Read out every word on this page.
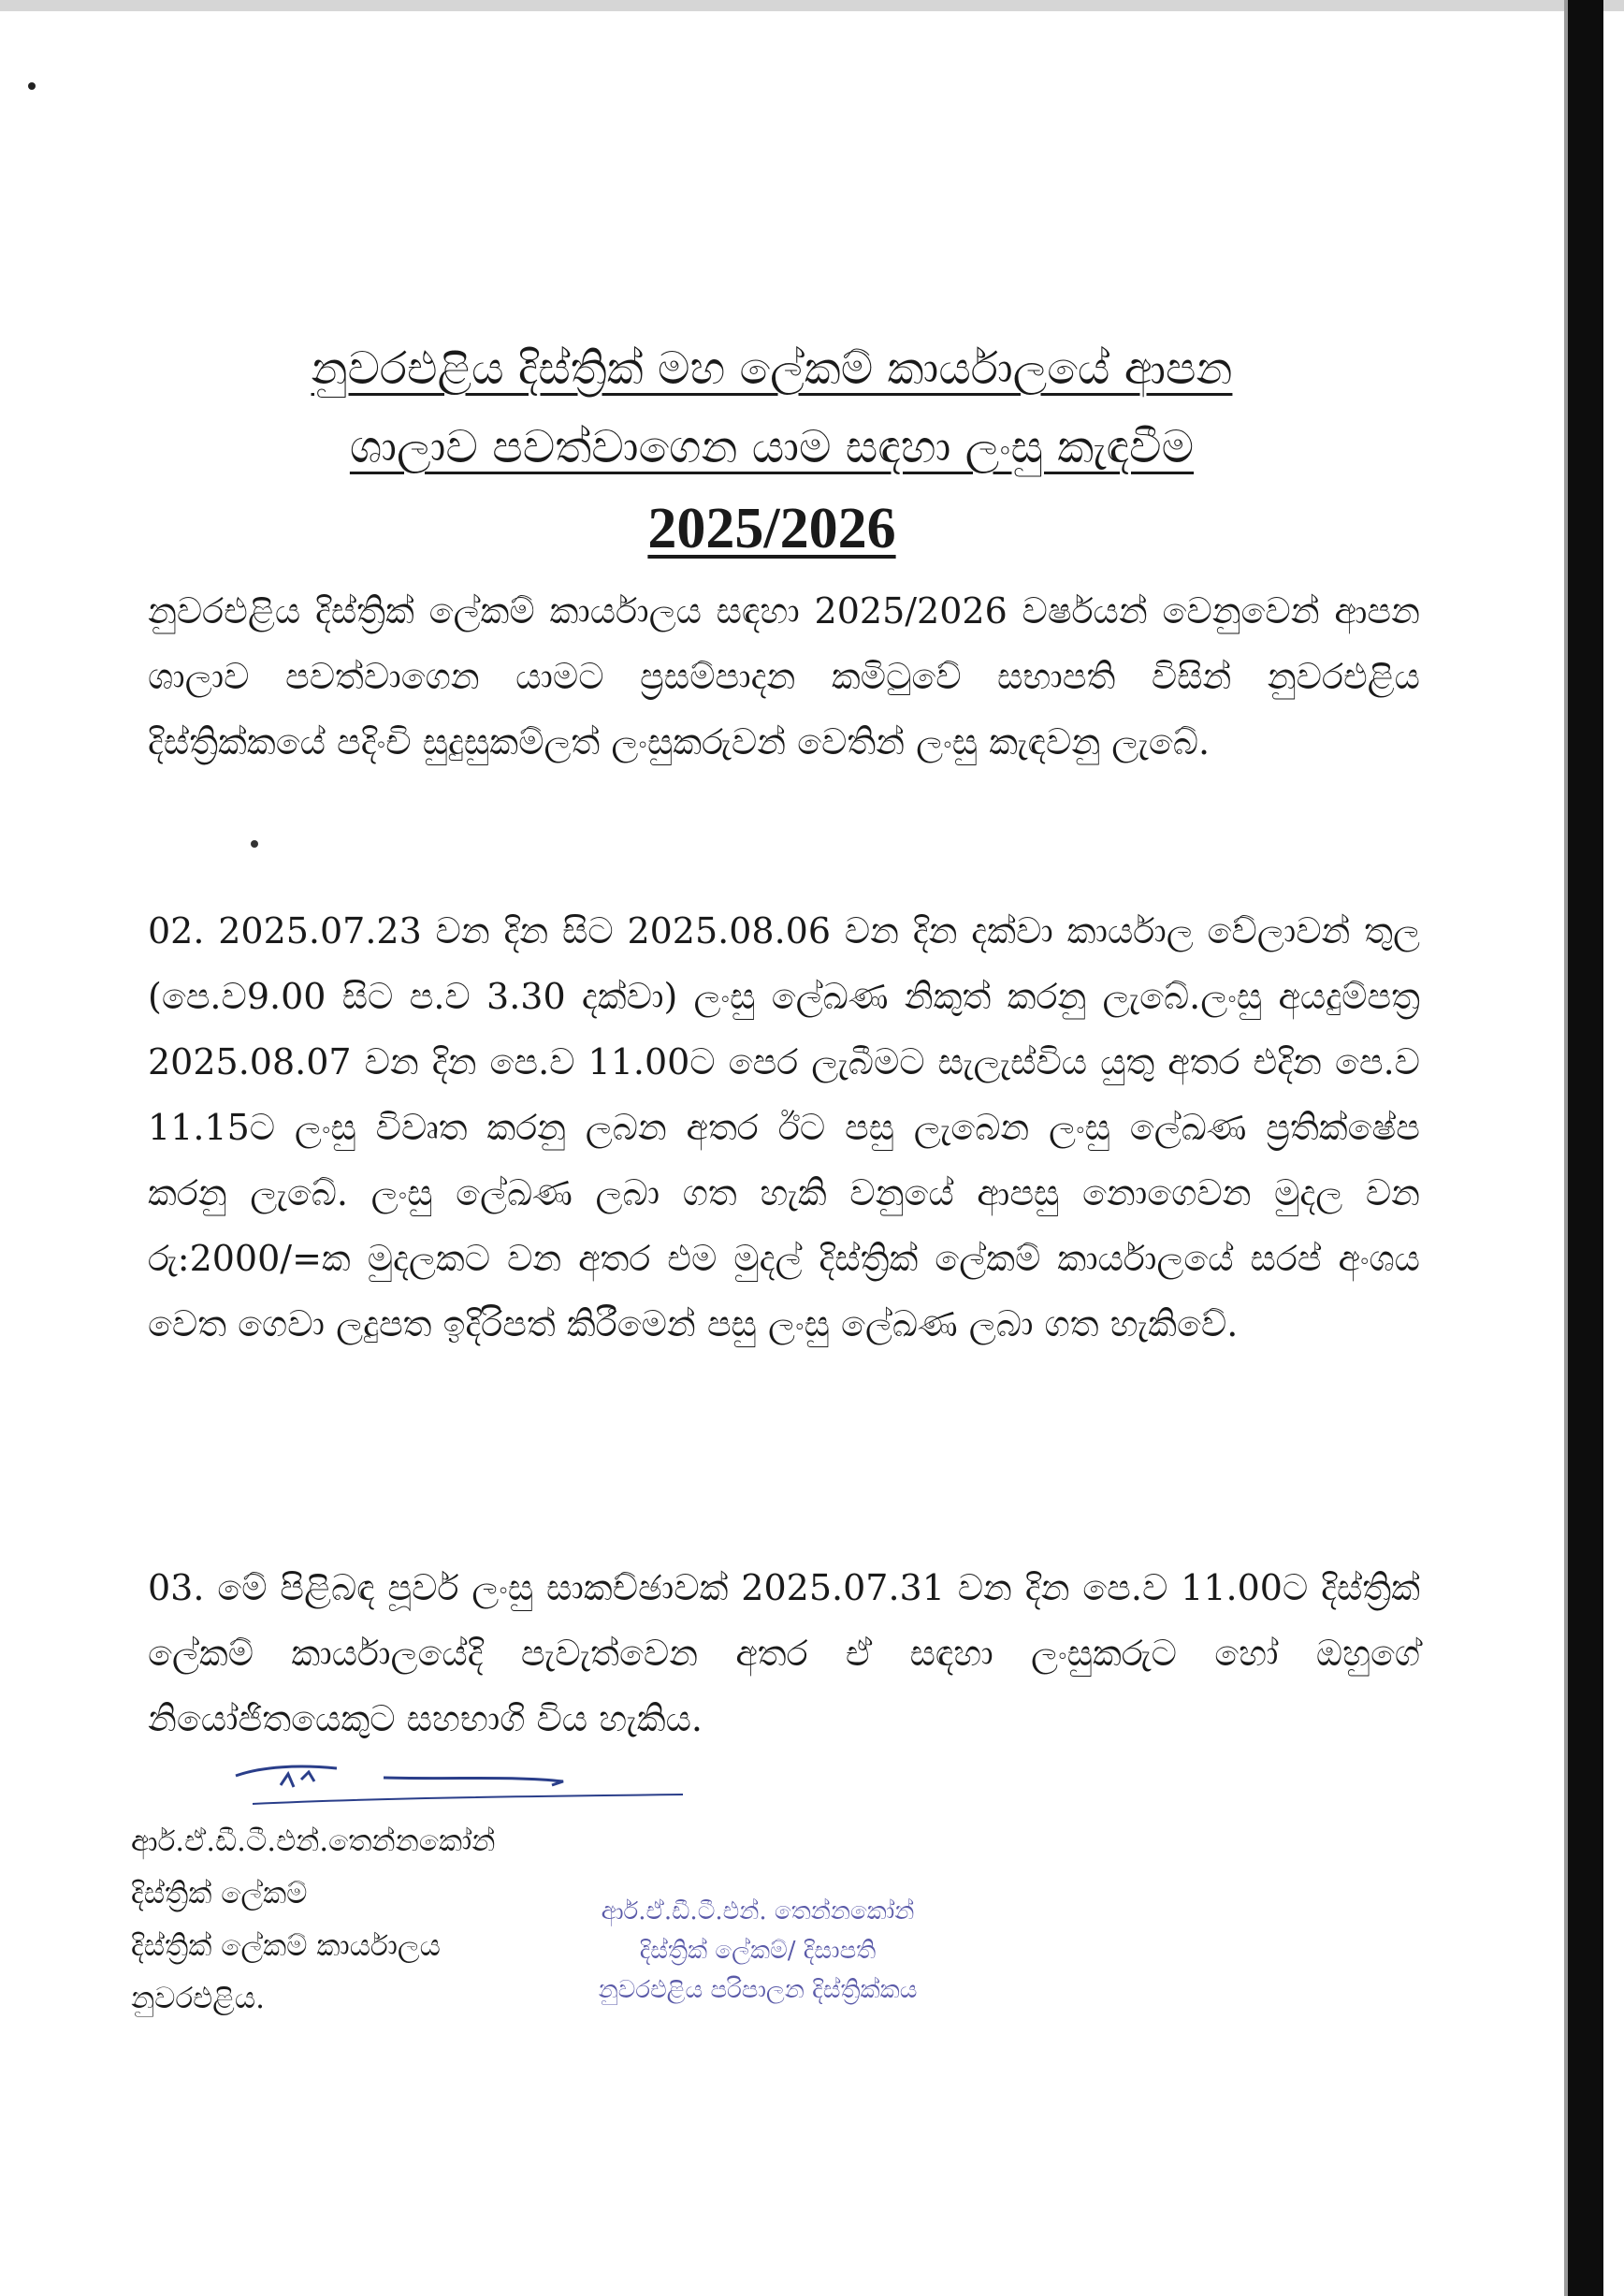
නුවරඑළිය දිස්ත්‍රික් මහ ලේකම් කාර්යාලයේ ආපන
ශාලාව පවත්වාගෙන යාම සඳහා ලංසු කැඳවීම
2025/2026
නුවරඑළිය දිස්ත්‍රික් ලේකම් කාර්යාලය සඳහා 2025/2026 වර්ෂයන් වෙනුවෙන් ආපන ශාලාව පවත්වාගෙන යාමට ප්‍රසම්පාදන කමිටුවේ සභාපති විසින් නුවරඑළිය දිස්ත්‍රික්කයේ පදිංචි සුදුසුකම්ලත් ලංසුකරුවන් වෙතින් ලංසු කැඳවනු ලැබේ.
02. 2025.07.23 වන දින සිට 2025.08.06 වන දින දක්වා කාර්යාල වේලාවන් තුල (පෙ.ව9.00 සිට ප.ව 3.30 දක්වා) ලංසු ලේඛණ නිකුත් කරනු ලැබේ.ලංසු අයදුම්පත්‍ර 2025.08.07 වන දින පෙ.ව 11.00ට පෙර ලැබීමට සැලැස්විය යුතු අතර එදින පෙ.ව 11.15ට ලංසු විවෘත කරනු ලබන අතර ඊට පසු ලැබෙන ලංසු ලේඛණ ප්‍රතික්ෂේප කරනු ලැබේ. ලංසු ලේඛණ ලබා ගත හැකි වනුයේ ආපසු නොගෙවන මුදල වන රු:2000/=ක මුදලකට වන අතර එම මුදල් දිස්ත්‍රික් ලේකම් කාර්යාලයේ සරප් අංශය වෙත ගෙවා ලදුපත ඉදිරිපත් කිරීමෙන් පසු ලංසු ලේඛණ ලබා ගත හැකිවේ.
03. මේ පිළිබඳ පූර්ව ලංසු සාකච්ඡාවක් 2025.07.31 වන දින පෙ.ව 11.00ට දිස්ත්‍රික් ලේකම් කාර්යාලයේදි පැවැත්වෙන අතර ඒ සඳහා ලංසුකරුට හෝ ඔහුගේ නියෝජිතයෙකුට සහභාගි විය හැකිය.
ආර්.ඒ.ඩී.ටී.එන්.තෙන්නකෝන්
දිස්ත්‍රික් ලේකම්
දිස්ත්‍රික් ලේකම් කාර්යාලය
නුවරඑළිය.
ආර්.ඒ.ඩී.ටී.එන්. තෙන්නකෝන්
දිස්ත්‍රික් ලේකම්/ දිසාපති
නුවරඑළිය පරිපාලන දිස්ත්‍රික්කය
